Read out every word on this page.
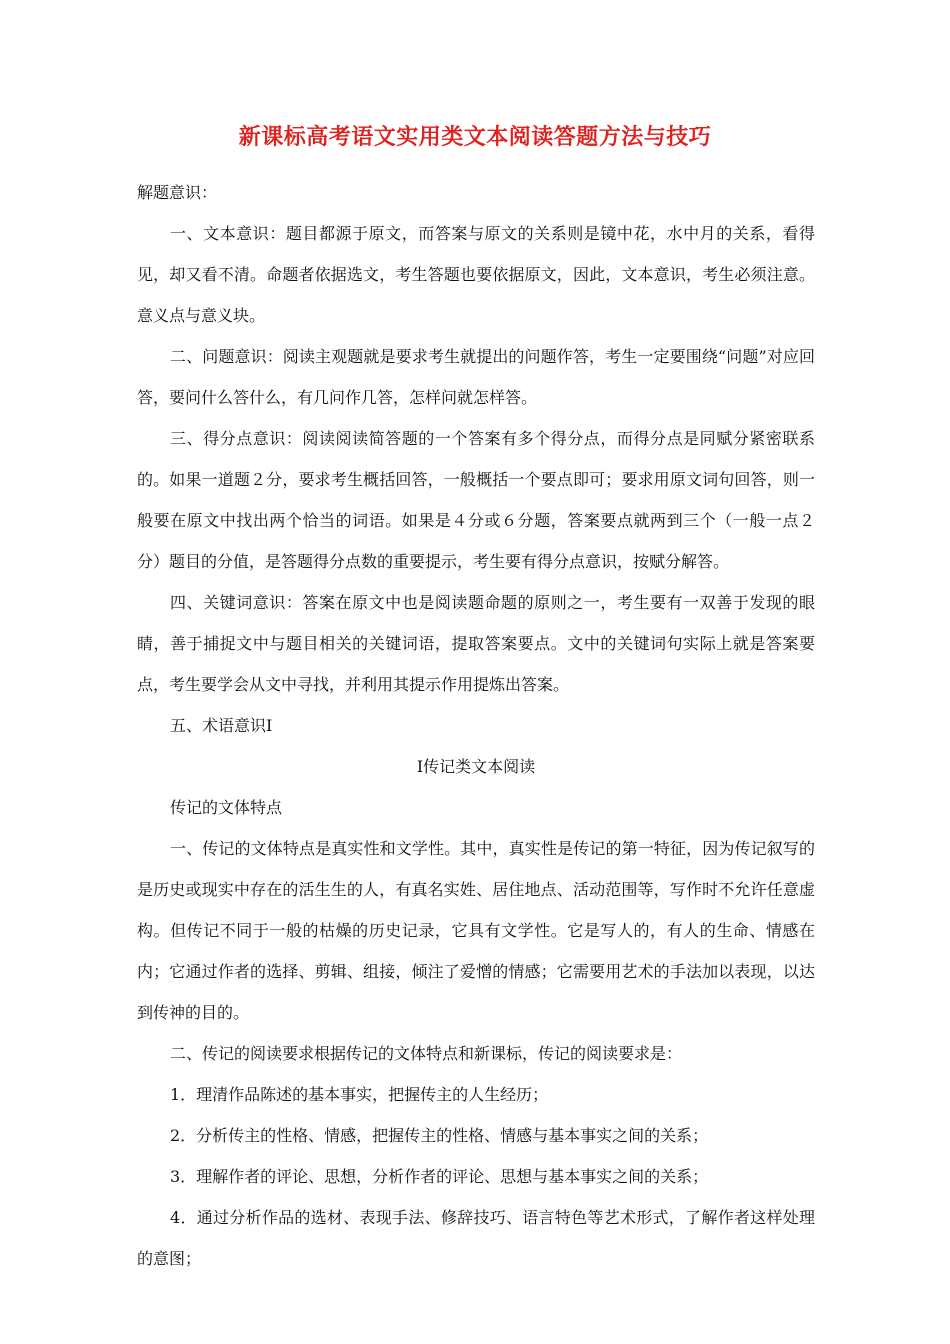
新课标高考语文实用类文本阅读答题方法与技巧

解题意识：

一、文本意识：题目都源于原文，而答案与原文的关系则是镜中花，水中月的关系，看得见，却又看不清。命题者依据选文，考生答题也要依据原文，因此，文本意识，考生必须注意。意义点与意义块。

二、问题意识：阅读主观题就是要求考生就提出的问题作答，考生一定要围绕“问题”对应回答，要问什么答什么，有几问作几答，怎样问就怎样答。

三、得分点意识：阅读阅读简答题的一个答案有多个得分点，而得分点是同赋分紧密联系的。如果一道题２分，要求考生概括回答，一般概括一个要点即可；要求用原文词句回答，则一般要在原文中找出两个恰当的词语。如果是４分或６分题，答案要点就两到三个（一般一点２分）题目的分值，是答题得分点数的重要提示，考生要有得分点意识，按赋分解答。

四、关键词意识：答案在原文中也是阅读题命题的原则之一，考生要有一双善于发现的眼睛，善于捕捉文中与题目相关的关键词语，提取答案要点。文中的关键词句实际上就是答案要点，考生要学会从文中寻找，并利用其提示作用提炼出答案。

五、术语意识Ⅰ

Ⅰ传记类文本阅读

传记的文体特点

一、传记的文体特点是真实性和文学性。其中，真实性是传记的第一特征，因为传记叙写的是历史或现实中存在的活生生的人，有真名实姓、居住地点、活动范围等，写作时不允许任意虚构。但传记不同于一般的枯燥的历史记录，它具有文学性。它是写人的，有人的生命、情感在内；它通过作者的选择、剪辑、组接，倾注了爱憎的情感；它需要用艺术的手法加以表现，以达到传神的目的。

二、传记的阅读要求根据传记的文体特点和新课标，传记的阅读要求是：

1．理清作品陈述的基本事实，把握传主的人生经历；

2．分析传主的性格、情感，把握传主的性格、情感与基本事实之间的关系；

3．理解作者的评论、思想，分析作者的评论、思想与基本事实之间的关系；

4．通过分析作品的选材、表现手法、修辞技巧、语言特色等艺术形式，了解作者这样处理的意图；
